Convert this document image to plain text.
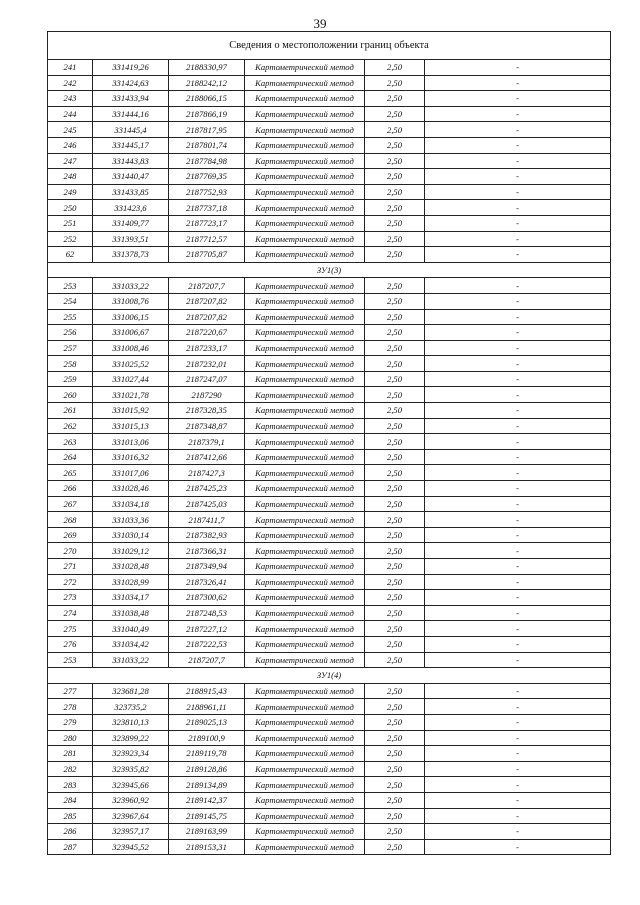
39
Сведения о местоположении границ объекта					
241	331419,26	2188330,97	Картометрический метод	2,50	-
242	331424,63	2188242,12	Картометрический метод	2,50	-
243	331433,94	2188066,15	Картометрический метод	2,50	-
244	331444,16	2187866,19	Картометрический метод	2,50	-
245	331445,4	2187817,95	Картометрический метод	2,50	-
246	331445,17	2187801,74	Картометрический метод	2,50	-
247	331443,83	2187784,98	Картометрический метод	2,50	-
248	331440,47	2187769,35	Картометрический метод	2,50	-
249	331433,85	2187752,93	Картометрический метод	2,50	-
250	331423,6	2187737,18	Картометрический метод	2,50	-
251	331409,77	2187723,17	Картометрический метод	2,50	-
252	331393,51	2187712,57	Картометрический метод	2,50	-
62	331378,73	2187705,87	Картометрический метод	2,50	-
ЗУ1(3)					
253	331033,22	2187207,7	Картометрический метод	2,50	-
254	331008,76	2187207,82	Картометрический метод	2,50	-
255	331006,15	2187207,82	Картометрический метод	2,50	-
256	331006,67	2187220,67	Картометрический метод	2,50	-
257	331008,46	2187233,17	Картометрический метод	2,50	-
258	331025,52	2187232,01	Картометрический метод	2,50	-
259	331027,44	2187247,07	Картометрический метод	2,50	-
260	331021,78	2187290	Картометрический метод	2,50	-
261	331015,92	2187328,35	Картометрический метод	2,50	-
262	331015,13	2187348,87	Картометрический метод	2,50	-
263	331013,06	2187379,1	Картометрический метод	2,50	-
264	331016,32	2187412,66	Картометрический метод	2,50	-
265	331017,06	2187427,3	Картометрический метод	2,50	-
266	331028,46	2187425,23	Картометрический метод	2,50	-
267	331034,18	2187425,03	Картометрический метод	2,50	-
268	331033,36	2187411,7	Картометрический метод	2,50	-
269	331030,14	2187382,93	Картометрический метод	2,50	-
270	331029,12	2187366,31	Картометрический метод	2,50	-
271	331028,48	2187349,94	Картометрический метод	2,50	-
272	331028,99	2187326,41	Картометрический метод	2,50	-
273	331034,17	2187300,62	Картометрический метод	2,50	-
274	331038,48	2187248,53	Картометрический метод	2,50	-
275	331040,49	2187227,12	Картометрический метод	2,50	-
276	331034,42	2187222,53	Картометрический метод	2,50	-
253	331033,22	2187207,7	Картометрический метод	2,50	-
ЗУ1(4)					
277	323681,28	2188915,43	Картометрический метод	2,50	-
278	323735,2	2188961,11	Картометрический метод	2,50	-
279	323810,13	2189025,13	Картометрический метод	2,50	-
280	323899,22	2189100,9	Картометрический метод	2,50	-
281	323923,34	2189119,78	Картометрический метод	2,50	-
282	323935,82	2189128,86	Картометрический метод	2,50	-
283	323945,66	2189134,89	Картометрический метод	2,50	-
284	323960,92	2189142,37	Картометрический метод	2,50	-
285	323967,64	2189145,75	Картометрический метод	2,50	-
286	323957,17	2189163,99	Картометрический метод	2,50	-
287	323945,52	2189153,31	Картометрический метод	2,50	-
